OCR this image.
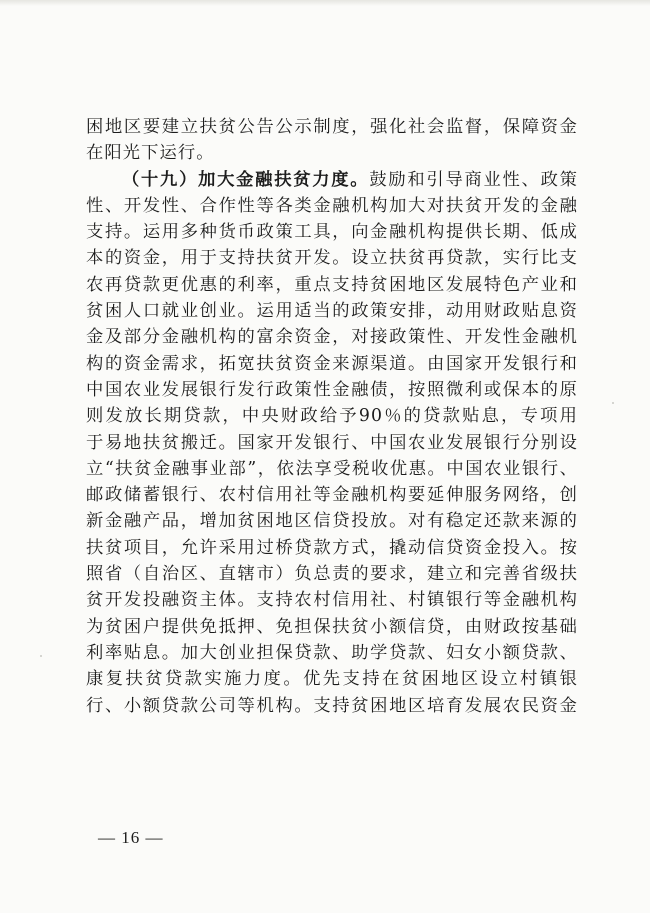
困地区要建立扶贫公告公示制度，强化社会监督，保障资金
在阳光下运行。
（十九）加大金融扶贫力度。鼓励和引导商业性、政策
性、开发性、合作性等各类金融机构加大对扶贫开发的金融
支持。运用多种货币政策工具，向金融机构提供长期、低成
本的资金，用于支持扶贫开发。设立扶贫再贷款，实行比支
农再贷款更优惠的利率，重点支持贫困地区发展特色产业和
贫困人口就业创业。运用适当的政策安排，动用财政贴息资
金及部分金融机构的富余资金，对接政策性、开发性金融机
构的资金需求，拓宽扶贫资金来源渠道。由国家开发银行和
中国农业发展银行发行政策性金融债，按照微利或保本的原
则发放长期贷款，中央财政给予90％的贷款贴息，专项用
于易地扶贫搬迁。国家开发银行、中国农业发展银行分别设
立“扶贫金融事业部”，依法享受税收优惠。中国农业银行、
邮政储蓄银行、农村信用社等金融机构要延伸服务网络，创
新金融产品，增加贫困地区信贷投放。对有稳定还款来源的
扶贫项目，允许采用过桥贷款方式，撬动信贷资金投入。按
照省（自治区、直辖市）负总责的要求，建立和完善省级扶
贫开发投融资主体。支持农村信用社、村镇银行等金融机构
为贫困户提供免抵押、免担保扶贫小额信贷，由财政按基础
利率贴息。加大创业担保贷款、助学贷款、妇女小额贷款、
康复扶贫贷款实施力度。优先支持在贫困地区设立村镇银
行、小额贷款公司等机构。支持贫困地区培育发展农民资金
— 16 —
